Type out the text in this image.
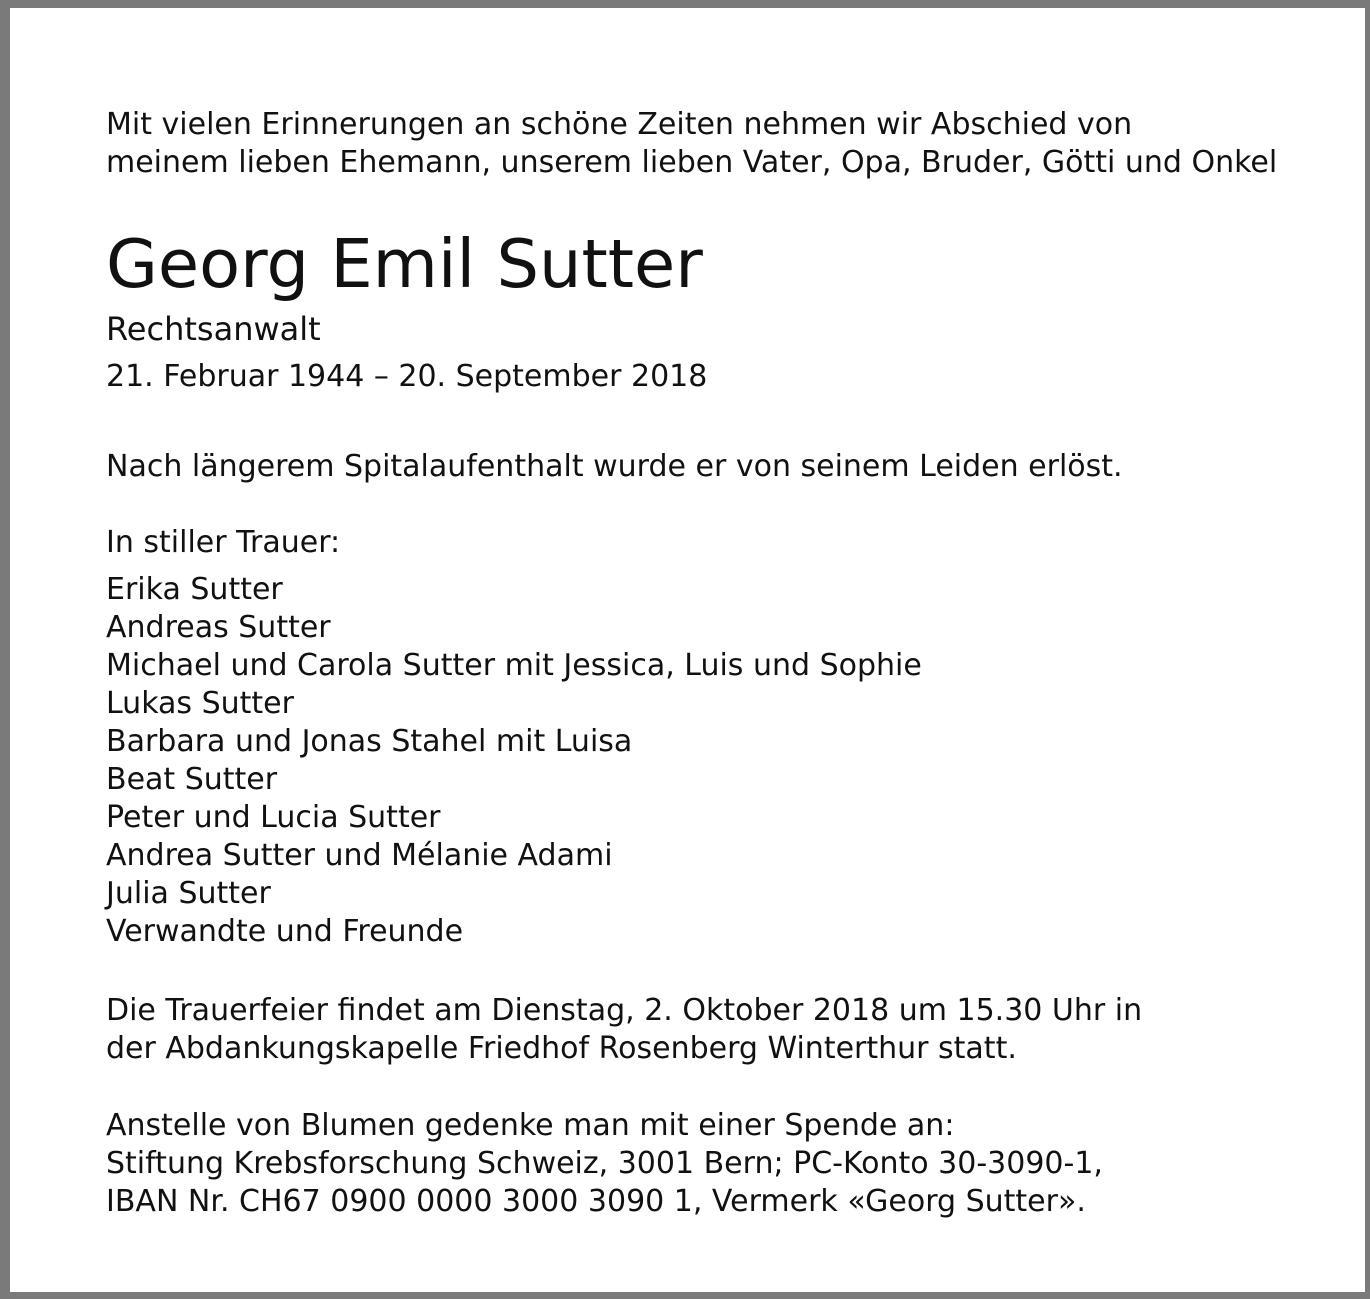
Mit vielen Erinnerungen an schöne Zeiten nehmen wir Abschied von
meinem lieben Ehemann, unserem lieben Vater, Opa, Bruder, Götti und Onkel
Georg Emil Sutter
Rechtsanwalt
21. Februar 1944 – 20. September 2018
Nach längerem Spitalaufenthalt wurde er von seinem Leiden erlöst.
In stiller Trauer:
Erika Sutter
Andreas Sutter
Michael und Carola Sutter mit Jessica, Luis und Sophie
Lukas Sutter
Barbara und Jonas Stahel mit Luisa
Beat Sutter
Peter und Lucia Sutter
Andrea Sutter und Mélanie Adami
Julia Sutter
Verwandte und Freunde
Die Trauerfeier findet am Dienstag, 2. Oktober 2018 um 15.30 Uhr in
der Abdankungskapelle Friedhof Rosenberg Winterthur statt.
Anstelle von Blumen gedenke man mit einer Spende an:
Stiftung Krebsforschung Schweiz, 3001 Bern; PC-Konto 30-3090-1,
IBAN Nr. CH67 0900 0000 3000 3090 1, Vermerk «Georg Sutter».
